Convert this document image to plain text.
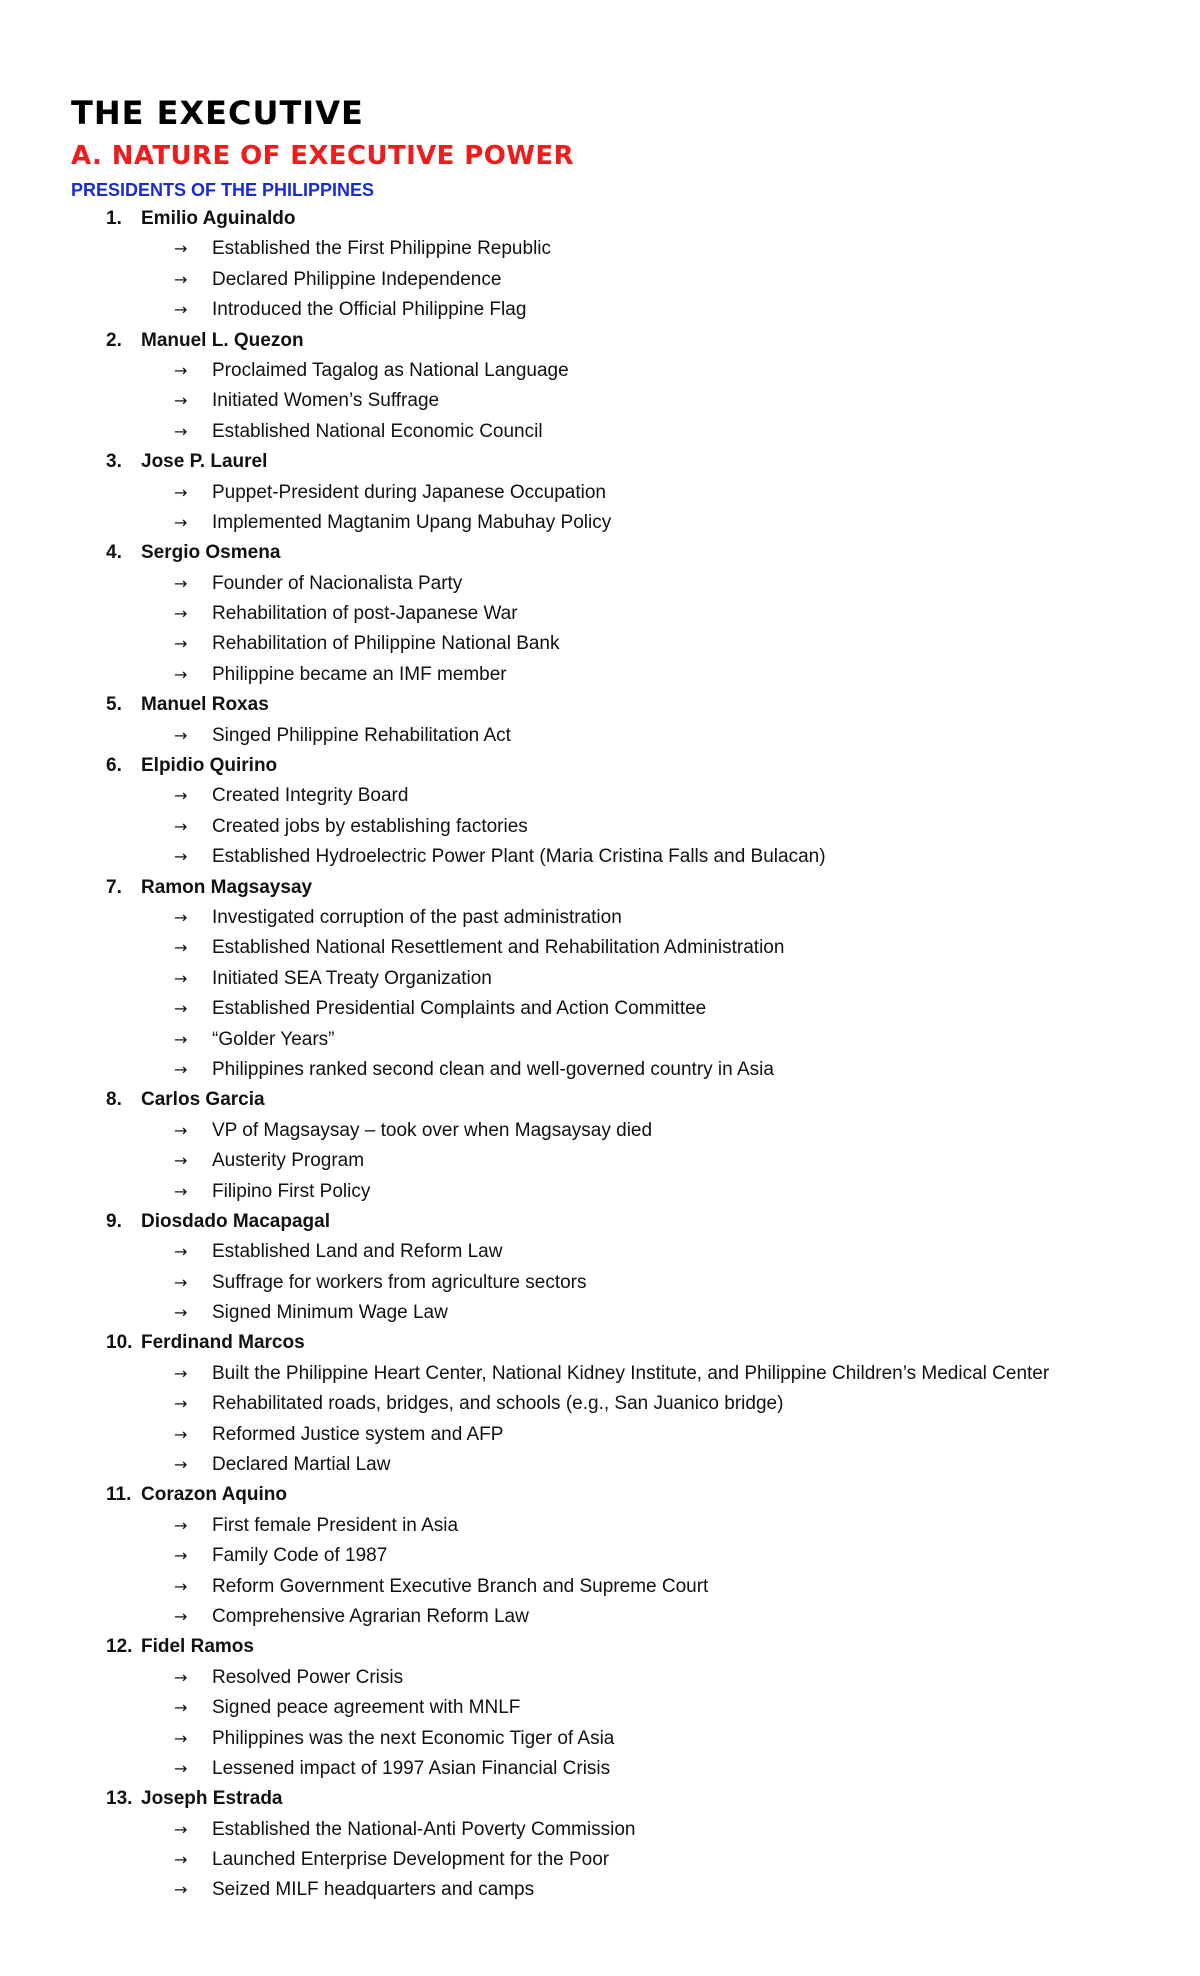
THE EXECUTIVE
A. NATURE OF EXECUTIVE POWER
PRESIDENTS OF THE PHILIPPINES
1. Emilio Aguinaldo
→ Established the First Philippine Republic
→ Declared Philippine Independence
→ Introduced the Official Philippine Flag
2. Manuel L. Quezon
→ Proclaimed Tagalog as National Language
→ Initiated Women’s Suffrage
→ Established National Economic Council
3. Jose P. Laurel
→ Puppet-President during Japanese Occupation
→ Implemented Magtanim Upang Mabuhay Policy
4. Sergio Osmena
→ Founder of Nacionalista Party
→ Rehabilitation of post-Japanese War
→ Rehabilitation of Philippine National Bank
→ Philippine became an IMF member
5. Manuel Roxas
→ Singed Philippine Rehabilitation Act
6. Elpidio Quirino
→ Created Integrity Board
→ Created jobs by establishing factories
→ Established Hydroelectric Power Plant (Maria Cristina Falls and Bulacan)
7. Ramon Magsaysay
→ Investigated corruption of the past administration
→ Established National Resettlement and Rehabilitation Administration
→ Initiated SEA Treaty Organization
→ Established Presidential Complaints and Action Committee
→ “Golder Years”
→ Philippines ranked second clean and well-governed country in Asia
8. Carlos Garcia
→ VP of Magsaysay – took over when Magsaysay died
→ Austerity Program
→ Filipino First Policy
9. Diosdado Macapagal
→ Established Land and Reform Law
→ Suffrage for workers from agriculture sectors
→ Signed Minimum Wage Law
10. Ferdinand Marcos
→ Built the Philippine Heart Center, National Kidney Institute, and Philippine Children’s Medical Center
→ Rehabilitated roads, bridges, and schools (e.g., San Juanico bridge)
→ Reformed Justice system and AFP
→ Declared Martial Law
11. Corazon Aquino
→ First female President in Asia
→ Family Code of 1987
→ Reform Government Executive Branch and Supreme Court
→ Comprehensive Agrarian Reform Law
12. Fidel Ramos
→ Resolved Power Crisis
→ Signed peace agreement with MNLF
→ Philippines was the next Economic Tiger of Asia
→ Lessened impact of 1997 Asian Financial Crisis
13. Joseph Estrada
→ Established the National-Anti Poverty Commission
→ Launched Enterprise Development for the Poor
→ Seized MILF headquarters and camps
